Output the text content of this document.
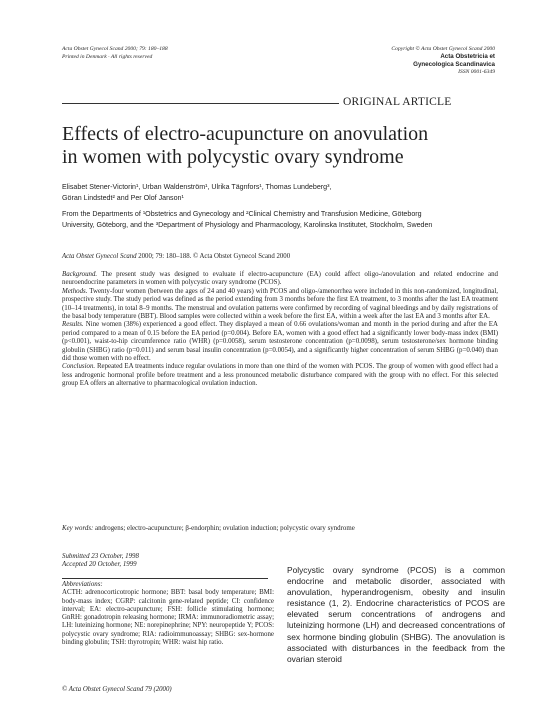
Acta Obstet Gynecol Scand 2000; 79: 180–188
Printed in Denmark · All rights reserved
Copyright © Acta Obstet Gynecol Scand 2000
Acta Obstetricia et
Gynecologica Scandinavica
ISSN 0001-6349
ORIGINAL ARTICLE
Effects of electro-acupuncture on anovulation
in women with polycystic ovary syndrome
Elisabet Stener-Victorin¹, Urban Waldenström¹, Ulrika Tägnfors¹, Thomas Lundeberg³,
Göran Lindstedt² and Per Olof Janson¹
From the Departments of ¹Obstetrics and Gynecology and ²Clinical Chemistry and Transfusion Medicine, Göteborg
University, Göteborg, and the ³Department of Physiology and Pharmacology, Karolinska Institutet, Stockholm, Sweden
Acta Obstet Gynecol Scand 2000; 79: 180–188. © Acta Obstet Gynecol Scand 2000

Background. The present study was designed to evaluate if electro-acupuncture (EA) could affect oligo-/anovulation and related endocrine and neuroendocrine parameters in women with polycystic ovary syndrome (PCOS).

Methods. Twenty-four women (between the ages of 24 and 40 years) with PCOS and oligo-/amenorrhea were included in this non-randomized, longitudinal, prospective study. The study period was defined as the period extending from 3 months before the first EA treatment, to 3 months after the last EA treatment (10–14 treatments), in total 8–9 months. The menstrual and ovulation patterns were confirmed by recording of vaginal bleedings and by daily registrations of the basal body temperature (BBT). Blood samples were collected within a week before the first EA, within a week after the last EA and 3 months after EA.

Results. Nine women (38%) experienced a good effect. They displayed a mean of 0.66 ovulations/woman and month in the period during and after the EA period compared to a mean of 0.15 before the EA period (p=0.004). Before EA, women with a good effect had a significantly lower body-mass index (BMI) (p<0.001), waist-to-hip circumference ratio (WHR) (p=0.0058), serum testosterone concentration (p=0.0098), serum testosterone/sex hormone binding globulin (SHBG) ratio (p=0.011) and serum basal insulin concentration (p=0.0054), and a significantly higher concentration of serum SHBG (p=0.040) than did those women with no effect.

Conclusion. Repeated EA treatments induce regular ovulations in more than one third of the women with PCOS. The group of women with good effect had a less androgenic hormonal profile before treatment and a less pronounced metabolic disturbance compared with the group with no effect. For this selected group EA offers an alternative to pharmacological ovulation induction.

Key words: androgens; electro-acupuncture; β-endorphin; ovulation induction; polycystic ovary syndrome
Submitted 23 October, 1998
Accepted 20 October, 1999
Abbreviations:
ACTH: adrenocorticotropic hormone; BBT: basal body temperature; BMI: body-mass index; CGRP: calcitonin gene-related peptide; CI: confidence interval; EA: electro-acupuncture; FSH: follicle stimulating hormone; GnRH: gonadotropin releasing hormone; IRMA: immunoradiometric assay; LH: luteinizing hormone; NE: norepinephrine; NPY: neuropeptide Y; PCOS: polycystic ovary syndrome; RIA: radioimmunoassay; SHBG: sex-hormone binding globulin; TSH: thyrotropin; WHR: waist hip ratio.
© Acta Obstet Gynecol Scand 79 (2000)
Polycystic ovary syndrome (PCOS) is a common endocrine and metabolic disorder, associated with anovulation, hyperandrogenism, obesity and insulin resistance (1, 2). Endocrine characteristics of PCOS are elevated serum concentrations of androgens and luteinizing hormone (LH) and decreased concentrations of sex hormone binding globulin (SHBG). The anovulation is associated with disturbances in the feedback from the ovarian steroid
